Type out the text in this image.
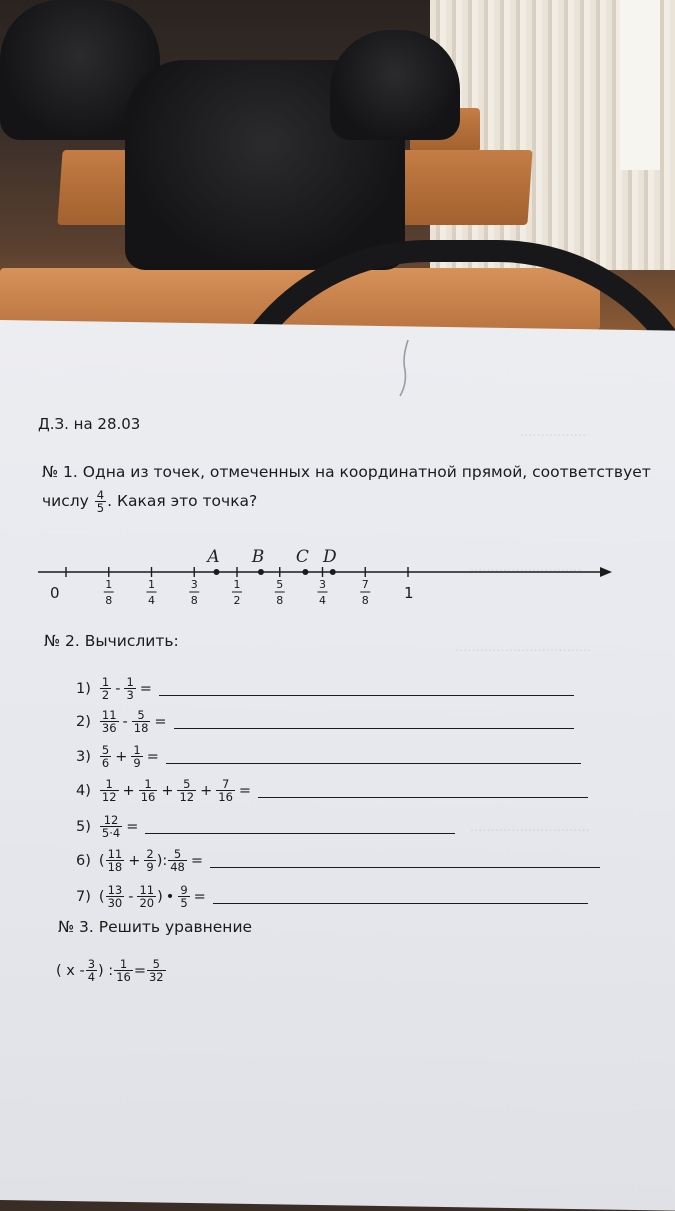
................
...........................
.................................
.............................
Д.З. на 28.03
№ 1. Одна из точек, отмеченных на координатной прямой, соответствует
числу $\frac{4}{5}$ . Какая это точка?
0	1
1
8
1
4
3
8
1
2
5
8
3
4
7
8
A B C D
№ 2. Вычислить:
$1) \frac{1}{2} - \frac{1}{3}$ =
$2) \frac{11}{36} - \frac{5}{18}$ =
$3) \frac{5}{6} + \frac{1}{9}$ =
$4) \frac{1}{12} + \frac{1}{16} + \frac{5}{12} + \frac{7}{16}$ =
$5) \frac{12}{5\cdot 4}$ =
6) ( $\frac{11}{18} + \frac{2}{9}$ ): $\frac{5}{48}$ =
7) ( $\frac{13}{30} - \frac{11}{20}$ ) • $\frac{9}{5}$ =
№ 3. Решить уравнение
( x - $\frac{3}{4}$ ) : $\frac{1}{16} = \frac{5}{32}$
